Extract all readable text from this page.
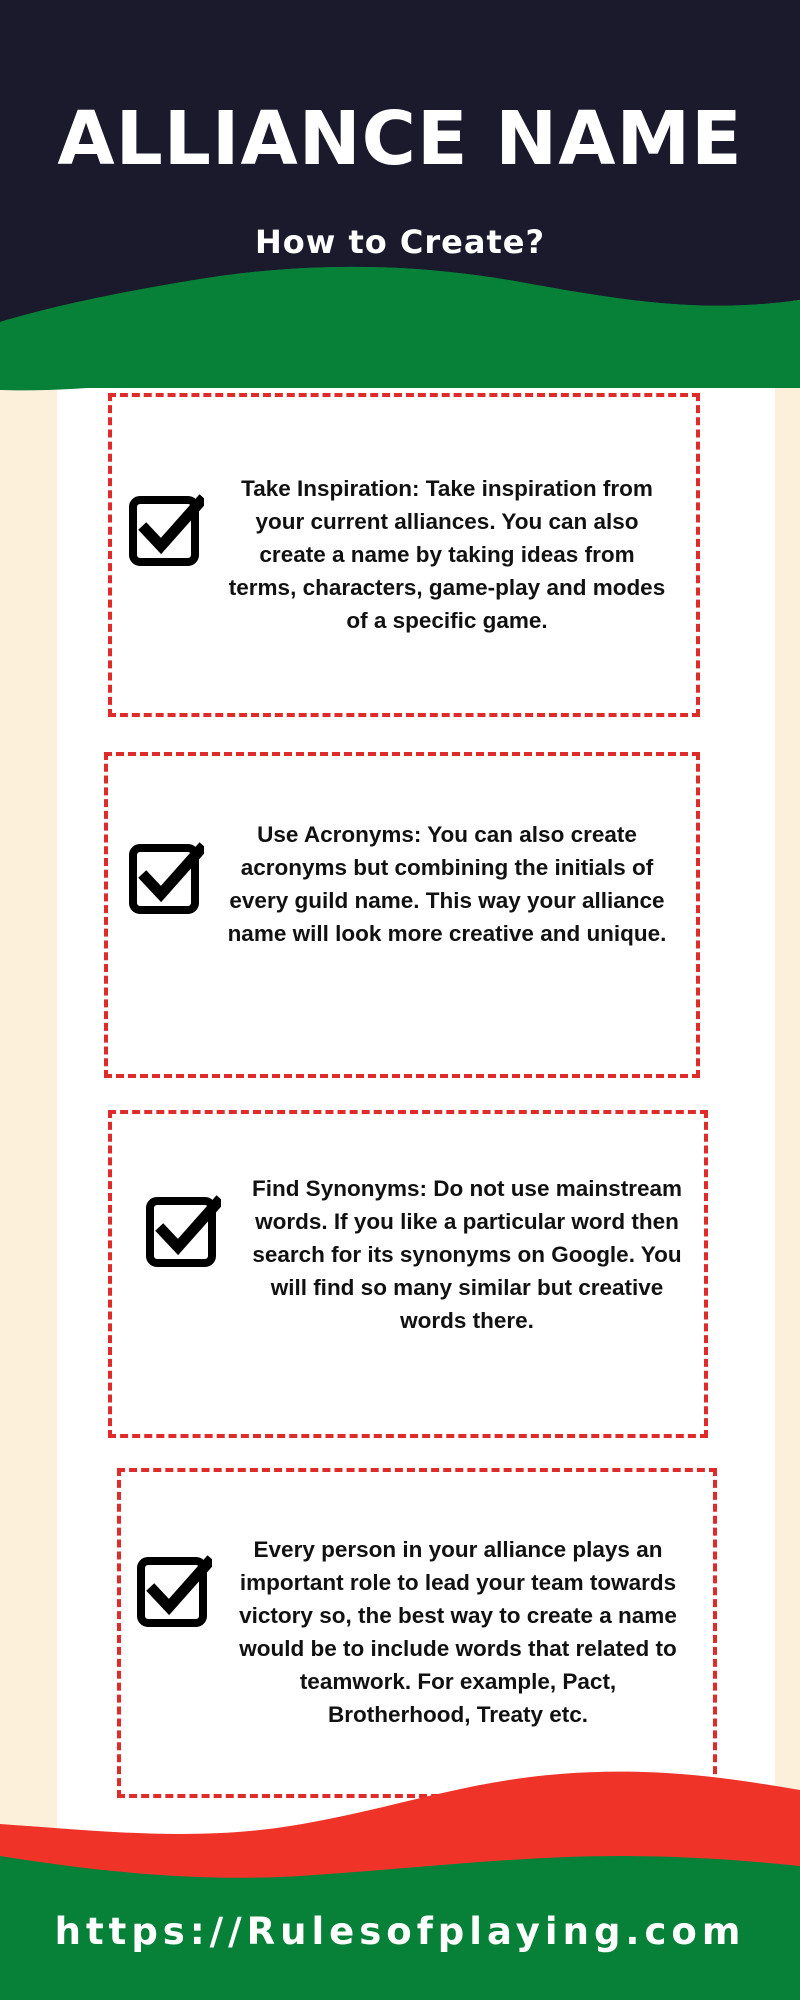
ALLIANCE NAME
How to Create?

Take Inspiration: Take inspiration from your current alliances. You can also create a name by taking ideas from terms, characters, game-play and modes of a specific game.

Use Acronyms: You can also create acronyms but combining the initials of every guild name. This way your alliance name will look more creative and unique.

Find Synonyms: Do not use mainstream words. If you like a particular word then search for its synonyms on Google. You will find so many similar but creative words there.

Every person in your alliance plays an important role to lead your team towards victory so, the best way to create a name would be to include words that related to teamwork. For example, Pact, Brotherhood, Treaty etc.

https://Rulesofplaying.com
